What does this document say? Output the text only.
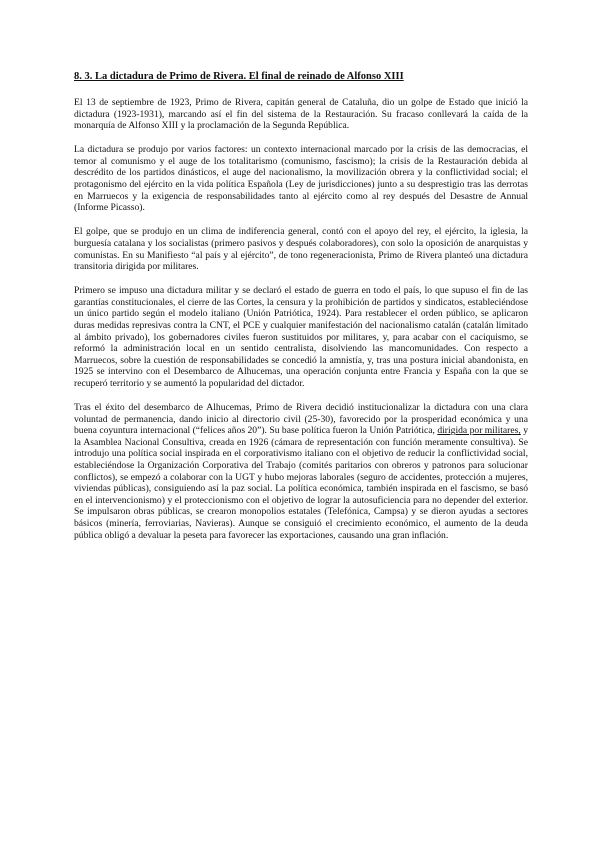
8. 3. La dictadura de Primo de Rivera. El final de reinado de Alfonso XIII

El 13 de septiembre de 1923, Primo de Rivera, capitán general de Cataluña, dio un golpe de Estado que inició la dictadura (1923-1931), marcando así el fin del sistema de la Restauración. Su fracaso conllevará la caída de la monarquía de Alfonso XIII y la proclamación de la Segunda República.

La dictadura se produjo por varios factores: un contexto internacional marcado por la crisis de las democracias, el temor al comunismo y el auge de los totalitarismo (comunismo, fascismo); la crisis de la Restauración debida al descrédito de los partidos dinásticos, el auge del nacionalismo, la movilización obrera y la conflictividad social; el protagonismo del ejército en la vida política Española (Ley de jurisdicciones) junto a su desprestigio tras las derrotas en Marruecos y la exigencia de responsabilidades tanto al ejército como al rey después del Desastre de Annual (Informe Picasso).

El golpe, que se produjo en un clima de indiferencia general, contó con el apoyo del rey, el ejército, la iglesia, la burguesía catalana y los socialistas (primero pasivos y después colaboradores), con solo la oposición de anarquistas y comunistas. En su Manifiesto “al país y al ejército”, de tono regeneracionista, Primo de Rivera planteó una dictadura transitoria dirigida por militares.

Primero se impuso una dictadura militar y se declaró el estado de guerra en todo el país, lo que supuso el fin de las garantías constitucionales, el cierre de las Cortes, la censura y la prohibición de partidos y sindicatos, estableciéndose un único partido según el modelo italiano (Unión Patriótica, 1924). Para restablecer el orden público, se aplicaron duras medidas represivas contra la CNT, el PCE y cualquier manifestación del nacionalismo catalán (catalán limitado al ámbito privado), los gobernadores civiles fueron sustituidos por militares, y, para acabar con el caciquismo, se reformó la administración local en un sentido centralista, disolviendo las mancomunidades. Con respecto a Marruecos, sobre la cuestión de responsabilidades se concedió la amnistía, y, tras una postura inicial abandonista, en 1925 se intervino con el Desembarco de Alhucemas, una operación conjunta entre Francia y España con la que se recuperó territorio y se aumentó la popularidad del dictador.

Tras el éxito del desembarco de Alhucemas, Primo de Rivera decidió institucionalizar la dictadura con una clara voluntad de permanencia, dando inicio al directorio civil (25-30), favorecido por la prosperidad económica y una buena coyuntura internacional (“felices años 20”). Su base política fueron la Unión Patriótica, dirigida por militares, y la Asamblea Nacional Consultiva, creada en 1926 (cámara de representación con función meramente consultiva). Se introdujo una política social inspirada en el corporativismo italiano con el objetivo de reducir la conflictividad social, estableciéndose la Organización Corporativa del Trabajo (comités paritarios con obreros y patronos para solucionar conflictos), se empezó a colaborar con la UGT y hubo mejoras laborales (seguro de accidentes, protección a mujeres, viviendas públicas), consiguiendo así la paz social. La política económica, también inspirada en el fascismo, se basó en el intervencionismo) y el proteccionismo con el objetivo de lograr la autosuficiencia para no depender del exterior. Se impulsaron obras públicas, se crearon monopolios estatales (Telefónica, Campsa) y se dieron ayudas a sectores básicos (minería, ferroviarias, Navieras). Aunque se consiguió el crecimiento económico, el aumento de la deuda pública obligó a devaluar la peseta para favorecer las exportaciones, causando una gran inflación.
